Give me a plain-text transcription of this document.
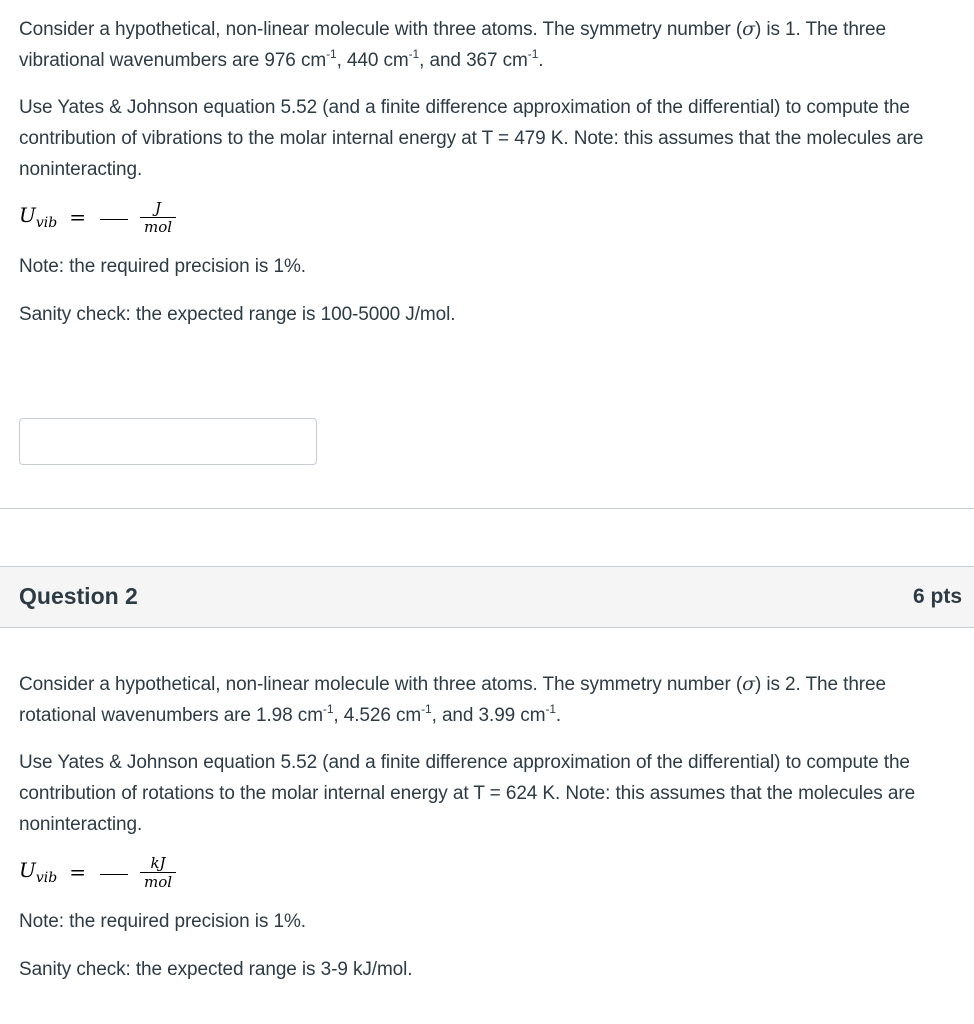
Consider a hypothetical, non-linear molecule with three atoms. The symmetry number (σ) is 1. The three vibrational wavenumbers are 976 $cm^{-1}$, 440 $cm^{-1}$, and 367 $cm^{-1}$.

Use Yates & Johnson equation 5.52 (and a finite difference approximation of the differential) to compute the contribution of vibrations to the molar internal energy at T = 479 K. Note: this assumes that the molecules are noninteracting.

$U_{vib}$ =	$\frac{J}{\text{mol}}$

Note: the required precision is 1%.

Sanity check: the expected range is 100-5000 J/mol.

Question 2	6 pts

Consider a hypothetical, non-linear molecule with three atoms. The symmetry number (σ) is 2. The three rotational wavenumbers are 1.98 $cm^{-1}$, 4.526 $cm^{-1}$, and 3.99 $cm^{-1}$.

Use Yates & Johnson equation 5.52 (and a finite difference approximation of the differential) to compute the contribution of rotations to the molar internal energy at T = 624 K. Note: this assumes that the molecules are noninteracting.

$U_{vib}$ =	$\frac{kJ}{\text{mol}}$

Note: the required precision is 1%.

Sanity check: the expected range is 3-9 kJ/mol.
